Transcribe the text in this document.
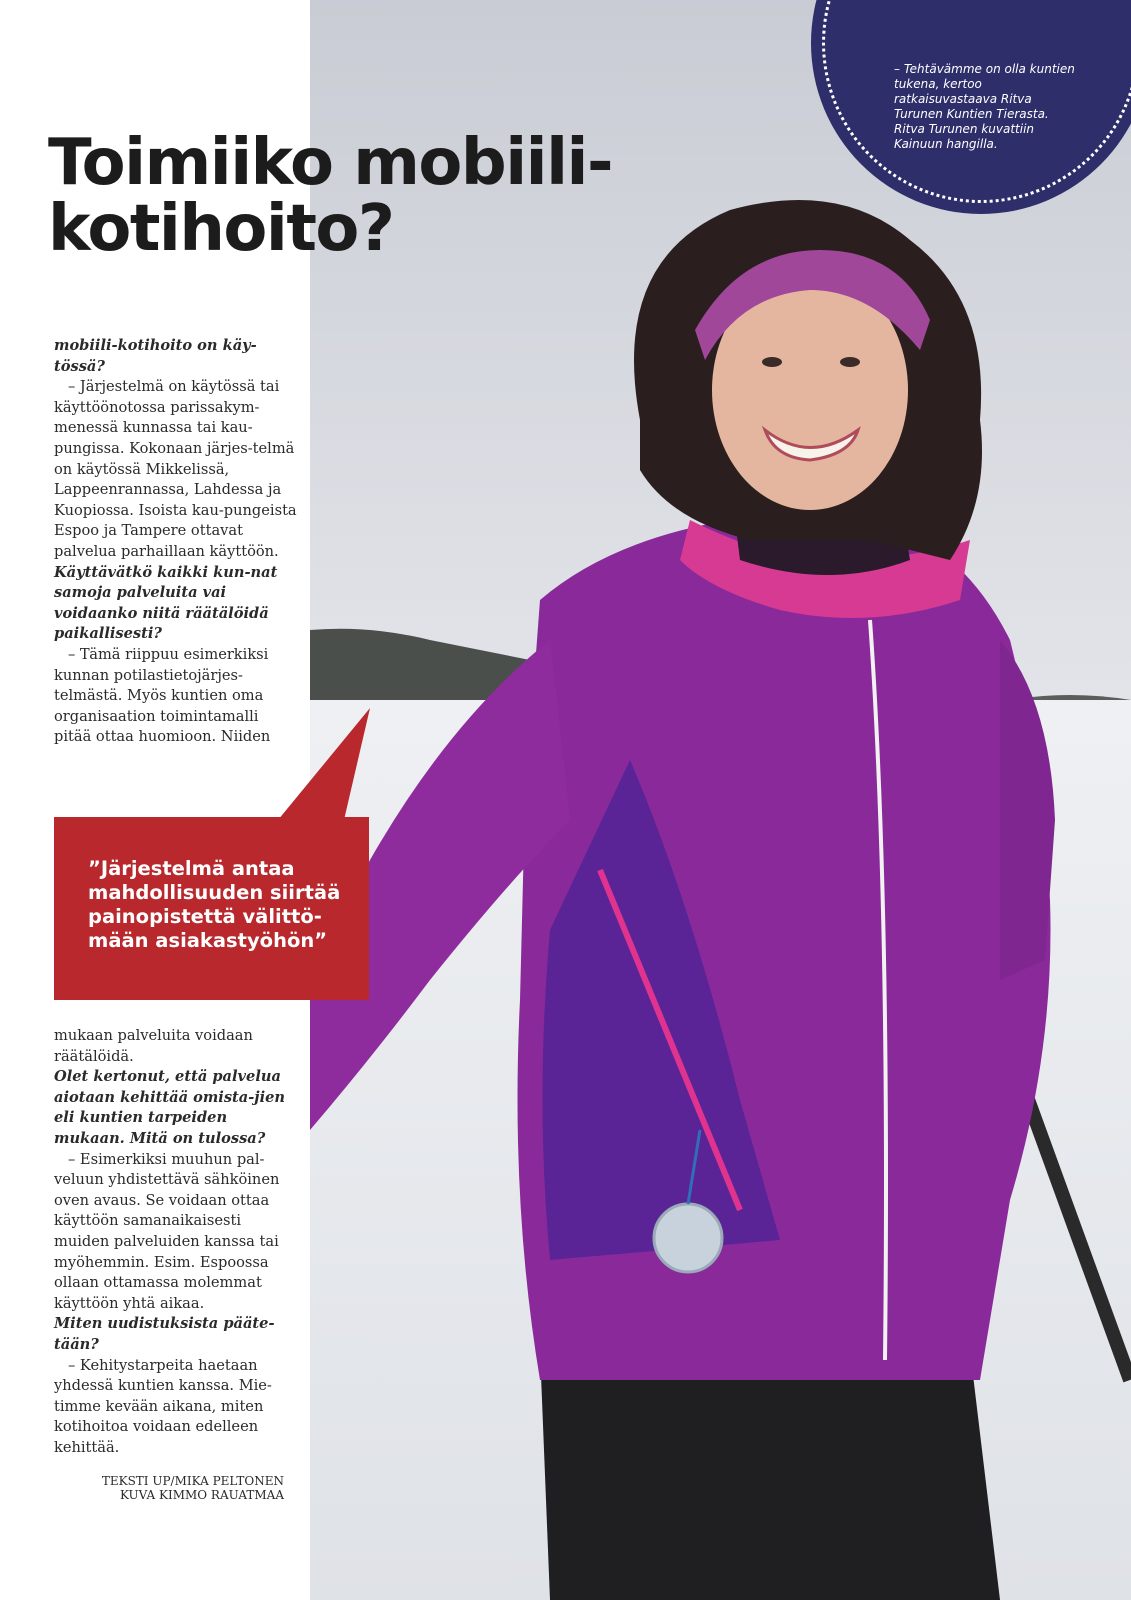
Toimiiko mobiili-
kotihoito?

mobiili-kotihoito on käy-tössä?

– Järjestelmä on käytössä tai käyttöönotossa parissakym-menessä kunnassa tai kau-pungissa. Kokonaan järjes-telmä on käytössä Mikkelissä, Lappeenrannassa, Lahdessa ja Kuopiossa. Isoista kau-pungeista Espoo ja Tampere ottavat palvelua parhaillaan käyttöön.

Käyttävätkö kaikki kun-nat samoja palveluita vai voidaanko niitä räätälöidä paikallisesti?

– Tämä riippuu esimerkiksi kunnan potilastietojärjes-telmästä. Myös kuntien oma organisaation toimintamalli pitää ottaa huomioon. Niiden

”Järjestelmä antaa mahdollisuuden siirtää painopistettä välittö-mään asiakastyöhön”

mukaan palveluita voidaan räätälöidä.

Olet kertonut, että palvelua aiotaan kehittää omista-jien eli kuntien tarpeiden mukaan. Mitä on tulossa?

– Esimerkiksi muuhun pal-veluun yhdistettävä sähköinen oven avaus. Se voidaan ottaa käyttöön samanaikaisesti muiden palveluiden kanssa tai myöhemmin. Esim. Espoossa ollaan ottamassa molemmat käyttöön yhtä aikaa.

Miten uudistuksista pääte-tään?

– Kehitystarpeita haetaan yhdessä kuntien kanssa. Mie-timme kevään aikana, miten kotihoitoa voidaan edelleen kehittää.

TEKSTI UP/MIKA PELTONEN
KUVA KIMMO RAUATMAA
– Tehtävämme on olla kuntien tukena, kertoo ratkaisuvastaava Ritva Turunen Kuntien Tierasta. Ritva Turunen kuvattiin Kainuun hangilla.
